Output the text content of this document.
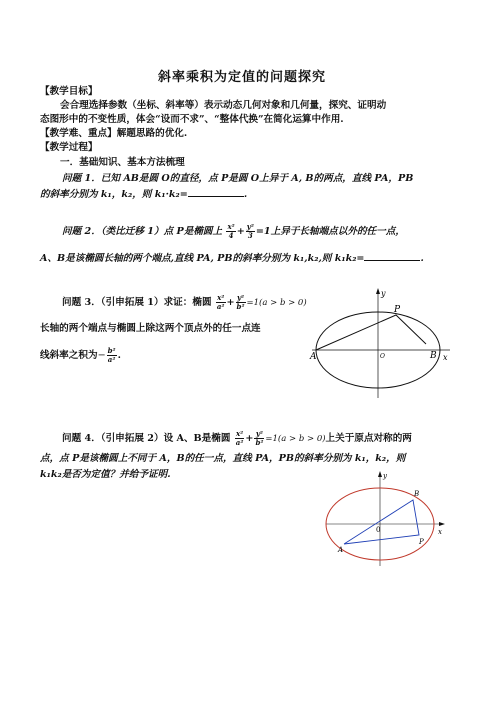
斜率乘积为定值的问题探究
【教学目标】
会合理选择参数（坐标、斜率等）表示动态几何对象和几何量，探究、证明动
态图形中的不变性质，体会“设而不求”、“整体代换”在简化运算中作用.
【教学难、重点】解题思路的优化.
【教学过程】
一．基础知识、基本方法梳理
问题 1．已知 AB是圆 O的直径，点 P是圆 O上异于 A, B的两点，直线 PA，PB
的斜率分别为 k₁，k₂，则 k₁·k₂=	.
问题 2．（类比迁移 1）点 P是椭圆上 $\frac{\text{x²}}{4} + \frac{\text{y²}}{3} =1$上异于长轴端点以外的任一点，
A、B是该椭圆长轴的两个端点,直线 PA, PB的斜率分别为 k₁,k₂,则 k₁k₂=	.
问题 3．（引申拓展 1）求证：椭圆 $\frac{\text{x²}}{\text{a²}} + \frac{\text{y²}}{\text{b²}} =1(a > b > 0)$
长轴的两个端点与椭圆上除这两个顶点外的任一点连
线斜率之积为− $\frac{\text{b²}}{\text{a²}}$ .
y
x
P
A	B
O
问题 4．（引申拓展 2）设 A、B是椭圆 $\frac{\text{x²}}{\text{a²}} + \frac{\text{y²}}{\text{b²}} =1(a > b > 0)$上关于原点对称的两
点，点 P是该椭圆上不同于 A，B的任一点，直线 PA，PB的斜率分别为 k₁，k₂，则
k₁k₂是否为定值？并给予证明.	y
x
B
0
A
P
